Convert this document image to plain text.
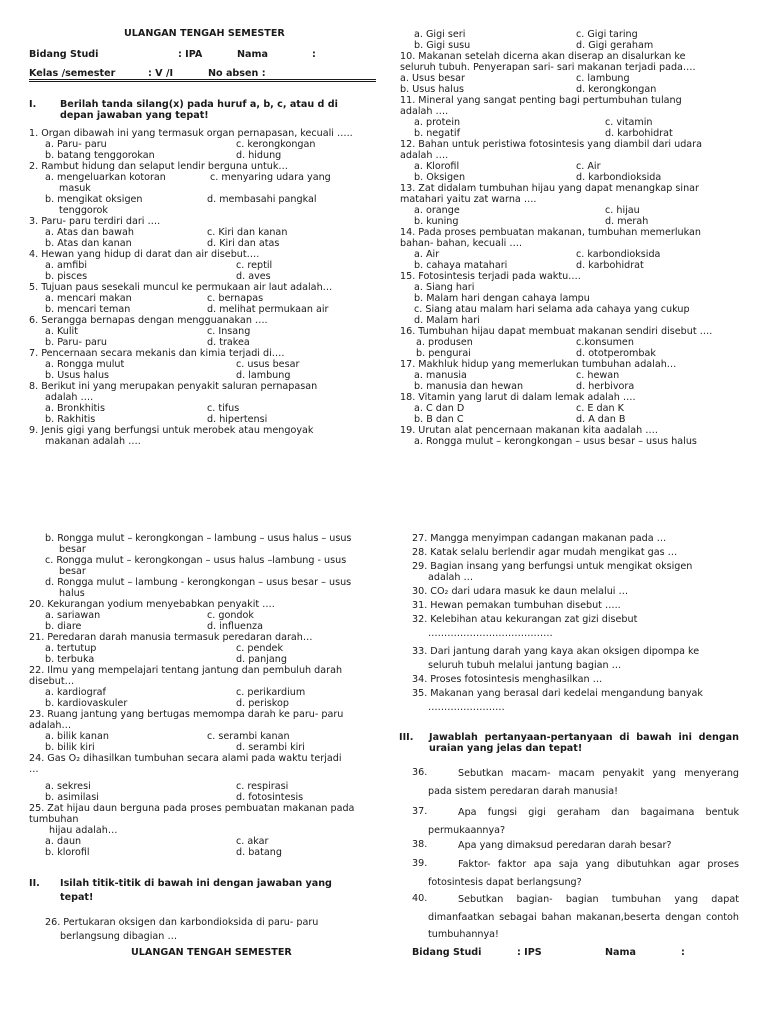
ULANGAN TENGAH SEMESTER
Bidang Studi	: IPA	Nama	:
Kelas /semester	: V /I	No absen :
I. Berilah tanda silang(x) pada huruf a, b, c, atau d di depan jawaban yang tepat!
1. Organ dibawah ini yang termasuk organ pernapasan, kecuali …..
a. Paru- paru	c. kerongkongan
b. batang tenggorokan	d. hidung
2. Rambut hidung dan selaput lendir berguna untuk…
a. mengeluarkan kotoran	c. menyaring udara yang
masuk
b. mengikat oksigen	d. membasahi pangkal
tenggorok
3. Paru- paru terdiri dari ….
a. Atas dan bawah	c. Kiri dan kanan
b. Atas dan kanan	d. Kiri dan atas
4. Hewan yang hidup di darat dan air disebut….
a. amfibi	c. reptil
b. pisces	d. aves
5. Tujuan paus sesekali muncul ke permukaan air laut adalah…
a. mencari makan	c. bernapas
b. mencari teman	d. melihat permukaan air
6. Serangga bernapas dengan mengguanakan ….
a. Kulit	c. Insang
b. Paru- paru	d. trakea
7. Pencernaan secara mekanis dan kimia terjadi di….
a. Rongga mulut	c. usus besar
b. Usus halus	d. lambung
8. Berikut ini yang merupakan penyakit saluran pernapasan
adalah ….
a. Bronkhitis	c. tifus
b. Rakhitis	d. hipertensi
9. Jenis gigi yang berfungsi untuk merobek atau mengoyak
makanan adalah ….
a. Gigi seri	c. Gigi taring
b. Gigi susu	d. Gigi geraham
10. Makanan setelah dicerna akan diserap an disalurkan ke
seluruh tubuh. Penyerapan sari- sari makanan terjadi pada….
a. Usus besar	c. lambung
b. Usus halus	d. kerongkongan
11. Mineral yang sangat penting bagi pertumbuhan tulang
adalah ….
a. protein	c. vitamin
b. negatif	d. karbohidrat
12. Bahan untuk peristiwa fotosintesis yang diambil dari udara
adalah ….
a. Klorofil	c. Air
b. Oksigen	d. karbondioksida
13. Zat didalam tumbuhan hijau yang dapat menangkap sinar
matahari yaitu zat warna ….
a. orange	c. hijau
b. kuning	d. merah
14. Pada proses pembuatan makanan, tumbuhan memerlukan
bahan- bahan, kecuali ….
a. Air	c. karbondioksida
b. cahaya matahari	d. karbohidrat
15. Fotosintesis terjadi pada waktu….
a. Siang hari
b. Malam hari dengan cahaya lampu
c. Siang atau malam hari selama ada cahaya yang cukup
d. Malam hari
16. Tumbuhan hijau dapat membuat makanan sendiri disebut ….
a. produsen	c.konsumen
b. pengurai	d. ototperombak
17. Makhluk hidup yang memerlukan tumbuhan adalah…
a. manusia	c. hewan
b. manusia dan hewan	d. herbivora
18. Vitamin yang larut di dalam lemak adalah ….
a. C dan D	c. E dan K
b. B dan C	d. A dan B
19. Urutan alat pencernaan makanan kita aadalah ….
a. Rongga mulut – kerongkongan – usus besar – usus halus
b. Rongga mulut – kerongkongan – lambung – usus halus – usus
besar
c. Rongga mulut – kerongkongan – usus halus –lambung - usus
besar
d. Rongga mulut – lambung - kerongkongan – usus besar – usus
halus
20. Kekurangan yodium menyebabkan penyakit ….
a. sariawan	c. gondok
b. diare	d. influenza
21. Peredaran darah manusia termasuk peredaran darah…
a. tertutup	c. pendek
b. terbuka	d. panjang
22. Ilmu yang mempelajari tentang jantung dan pembuluh darah
disebut…
a. kardiograf	c. perikardium
b. kardiovaskuler	d. periskop
23. Ruang jantung yang bertugas memompa darah ke paru- paru
adalah…
a. bilik kanan	c. serambi kanan
b. bilik kiri	d. serambi kiri
24. Gas O₂ dihasilkan tumbuhan secara alami pada waktu terjadi
…
a. sekresi	c. respirasi
b. asimilasi	d. fotosintesis
25. Zat hijau daun berguna pada proses pembuatan makanan pada
tumbuhan
hijau adalah…
a. daun	c. akar
b. klorofil	d. batang
II. Isilah titik-titik di bawah ini dengan jawaban yang
tepat!
26. Pertukaran oksigen dan karbondioksida di paru- paru
berlangsung dibagian …
ULANGAN TENGAH SEMESTER
27. Mangga menyimpan cadangan makanan pada …
28. Katak selalu berlendir agar mudah mengikat gas …
29. Bagian insang yang berfungsi untuk mengikat oksigen
adalah …
30. CO₂ dari udara masuk ke daun melalui …
31. Hewan pemakan tumbuhan disebut …..
32. Kelebihan atau kekurangan zat gizi disebut
…………………………………
33. Dari jantung darah yang kaya akan oksigen dipompa ke
seluruh tubuh melalui jantung bagian …
34. Proses fotosintesis menghasilkan …
35. Makanan yang berasal dari kedelai mengandung banyak
……………………
III. Jawablah pertanyaan-pertanyaan di bawah ini dengan uraian yang jelas dan tepat!
36.	Sebutkan macam- macam penyakit yang menyerang pada sistem peredaran darah manusia!
37.	Apa fungsi gigi geraham dan bagaimana bentuk permukaannya?
38.	Apa yang dimaksud peredaran darah besar?
39.	Faktor- faktor apa saja yang dibutuhkan agar proses fotosintesis dapat berlangsung?
40.	Sebutkan bagian- bagian tumbuhan yang dapat dimanfaatkan sebagai bahan makanan,beserta dengan contoh tumbuhannya!
Bidang Studi	: IPS	Nama	:
